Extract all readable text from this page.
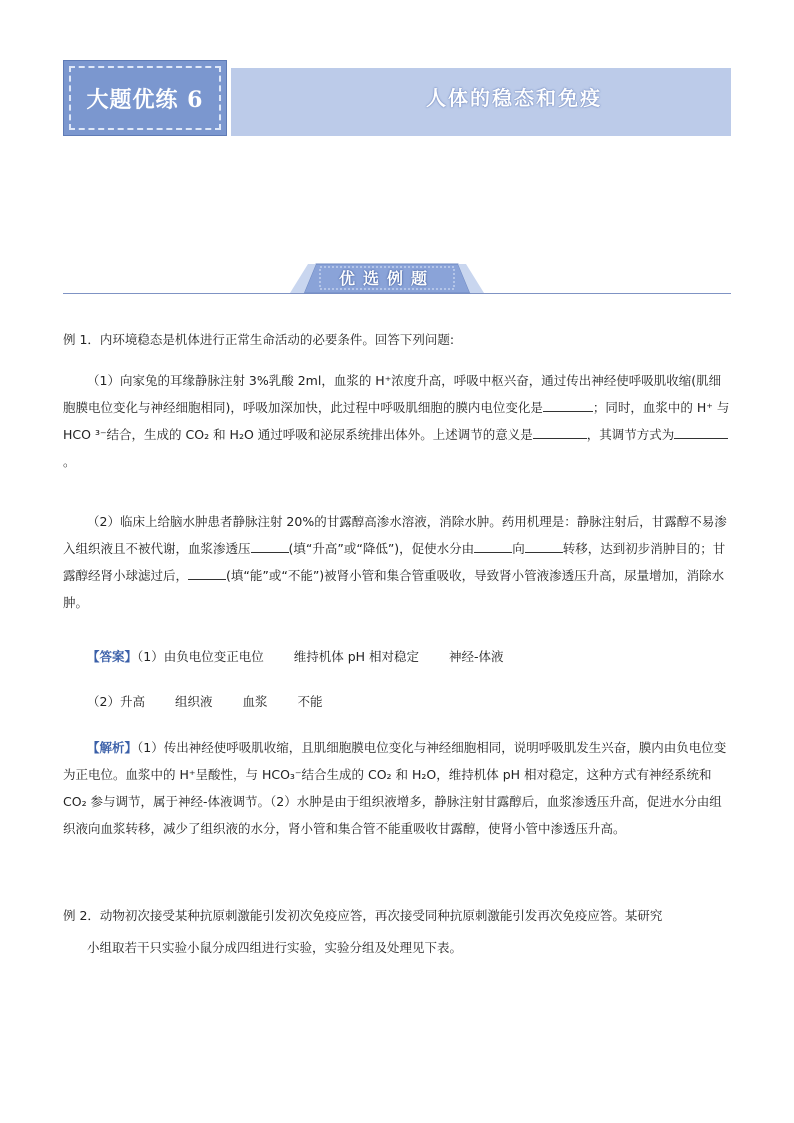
人体的稳态和免疫
大题优练 6
优选例题
例 1．内环境稳态是机体进行正常生命活动的必要条件。回答下列问题:
（1）向家兔的耳缘静脉注射 3%乳酸 2ml，血浆的 H⁺浓度升高，呼吸中枢兴奋，通过传出神经使呼吸肌收缩(肌细胞膜电位变化与神经细胞相同)，呼吸加深加快，此过程中呼吸肌细胞的膜内电位变化是	；同时，血浆中的 H⁺ 与 HCO ³⁻结合，生成的 CO₂ 和 H₂O 通过呼吸和泌尿系统排出体外。上述调节的意义是	，其调节方式为。
（2）临床上给脑水肿患者静脉注射 20%的甘露醇高渗水溶液，消除水肿。药用机理是：静脉注射后，甘露醇不易渗入组织液且不被代谢，血浆渗透压	(填“升高”或“降低”)，促使水分由	向	转移，达到初步消肿目的；甘露醇经肾小球滤过后，	(填“能”或“不能”)被肾小管和集合管重吸收，导致肾小管液渗透压升高，尿量增加，消除水肿。
【答案】（1）由负电位变正电位 维持机体 pH 相对稳定 神经-体液
（2）升高 组织液 血浆 不能
【解析】（1）传出神经使呼吸肌收缩，且肌细胞膜电位变化与神经细胞相同，说明呼吸肌发生兴奋，膜内由负电位变为正电位。血浆中的 H⁺呈酸性，与 HCO₃⁻结合生成的 CO₂ 和 H₂O，维持机体 pH 相对稳定，这种方式有神经系统和 CO₂ 参与调节，属于神经-体液调节。（2）水肿是由于组织液增多，静脉注射甘露醇后，血浆渗透压升高，促进水分由组织液向血浆转移，减少了组织液的水分，肾小管和集合管不能重吸收甘露醇，使肾小管中渗透压升高。
例 2．动物初次接受某种抗原刺激能引发初次免疫应答，再次接受同种抗原刺激能引发再次免疫应答。某研究
小组取若干只实验小鼠分成四组进行实验，实验分组及处理见下表。
